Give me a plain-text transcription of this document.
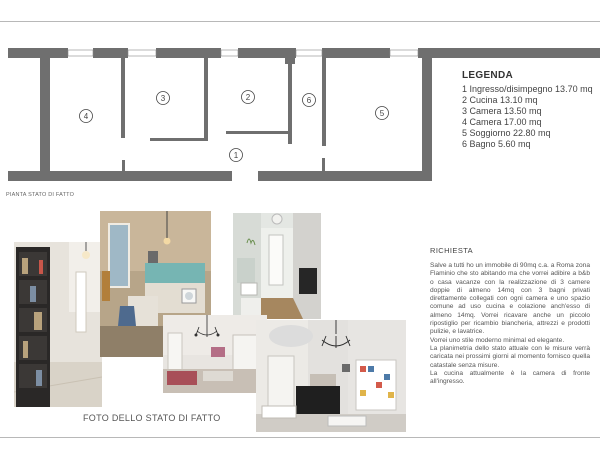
4
3	2	6
5
1
PIANTA STATO DI FATTO
LEGENDA
1 Ingresso/disimpegno 13.70 mq
2 Cucina 13.10 mq
3 Camera 13.50 mq
4 Camera 17.00 mq
5 Soggiorno 22.80 mq
6 Bagno 5.60 mq
FOTO DELLO STATO DI FATTO
RICHIESTA

Salve a tutti ho un immobile di 90mq c.a. a Roma zona Flaminio che sto abitando ma che vorrei adibire a b&b o casa vacanze con la realizzazione di 3 camere doppie di almeno 14mq con 3 bagni privati direttamente collegati con ogni camera e uno spazio comune ad uso cucina e colazione anch'esso di almeno 14mq. Vorrei ricavare anche un piccolo ripostiglio per ricambio biancheria, attrezzi e prodotti pulizie, e lavatrice.

Vorrei uno stile moderno minimal ed elegante.

La planimetria dello stato attuale con le misure verrà caricata nei prossimi giorni al momento fornisco quella catastale senza misure.

La cucina attualmente è la camera di fronte all'ingresso.
